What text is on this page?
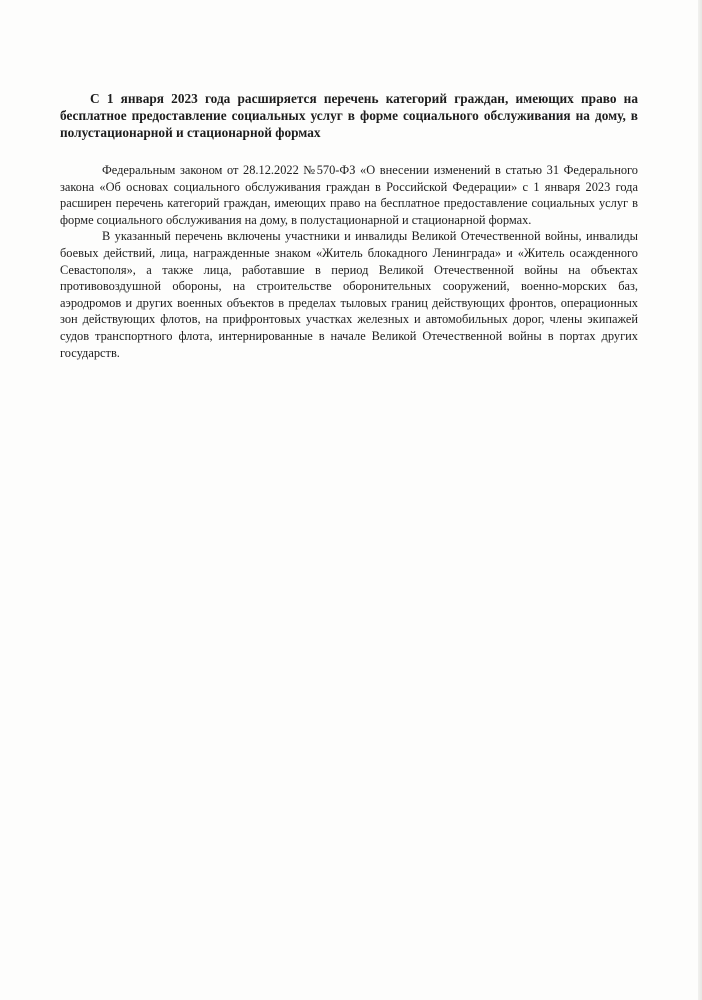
С 1 января 2023 года расширяется перечень категорий граждан, имеющих право на бесплатное предоставление социальных услуг в форме социального обслуживания на дому, в полустационарной и стационарной формах

Федеральным законом от 28.12.2022 №570-ФЗ «О внесении изменений в статью 31 Федерального закона «Об основах социального обслуживания граждан в Российской Федерации» с 1 января 2023 года расширен перечень категорий граждан, имеющих право на бесплатное предоставление социальных услуг в форме социального обслуживания на дому, в полустационарной и стационарной формах.

В указанный перечень включены участники и инвалиды Великой Отечественной войны, инвалиды боевых действий, лица, награжденные знаком «Житель блокадного Ленинграда» и «Житель осажденного Севастополя», а также лица, работавшие в период Великой Отечественной войны на объектах противовоздушной обороны, на строительстве оборонительных сооружений, военно-морских баз, аэродромов и других военных объектов в пределах тыловых границ действующих фронтов, операционных зон действующих флотов, на прифронтовых участках железных и автомобильных дорог, члены экипажей судов транспортного флота, интернированные в начале Великой Отечественной войны в портах других государств.
